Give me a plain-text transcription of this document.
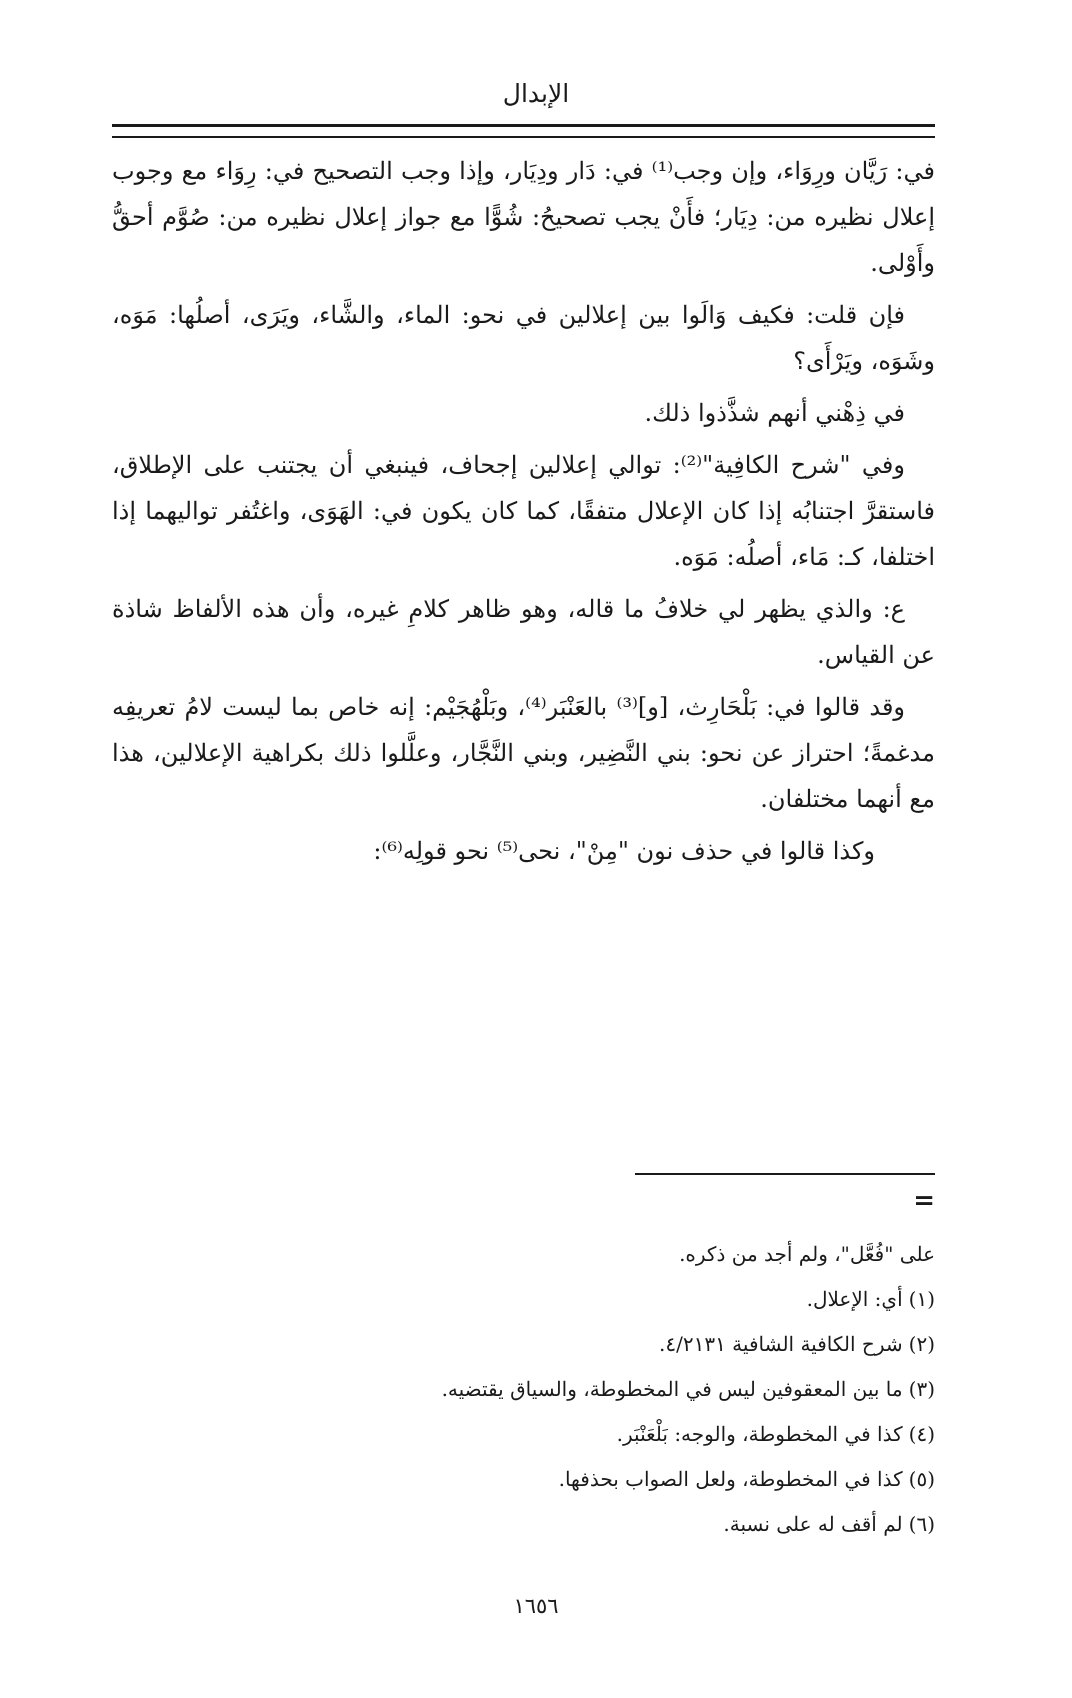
الإبدال

في: رَيَّان ورِوَاء، وإن وجب⁽¹⁾ في: دَار ودِيَار، وإذا وجب التصحيح في: رِوَاء مع وجوب إعلال نظيره من: دِيَار؛ فأَنْ يجب تصحيحُ: شُوًّا مع جواز إعلال نظيره من: صُوَّم أحقُّ وأَوْلى.

فإن قلت: فكيف وَالَوا بين إعلالين في نحو: الماء، والشَّاء، ويَرَى، أصلُها: مَوَه، وشَوَه، ويَرْأَى؟

في ذِهْني أنهم شذَّذوا ذلك.

وفي "شرح الكافِية"⁽²⁾: توالي إعلالين إجحاف، فينبغي أن يجتنب على الإطلاق، فاستقرَّ اجتنابُه إذا كان الإعلال متفقًا، كما كان يكون في: الهَوَى، واغتُفر تواليهما إذا اختلفا، كـ: مَاء، أصلُه: مَوَه.

ع: والذي يظهر لي خلافُ ما قاله، وهو ظاهر كلامِ غيره، وأن هذه الألفاظ شاذة عن القياس.

وقد قالوا في: بَلْحَارِث، [و]⁽³⁾ بالعَنْبَر⁽⁴⁾، وبَلْهُجَيْم: إنه خاص بما ليست لامُ تعريفِه مدغمةً؛ احتراز عن نحو: بني النَّضِير، وبني النَّجَّار، وعلَّلوا ذلك بكراهية الإعلالين، هذا مع أنهما مختلفان.

وكذا قالوا في حذف نون "مِنْ"، نحى⁽⁵⁾ نحو قولِه⁽⁶⁾:

=
على "فُعَّل"، ولم أجد من ذكره.
(١)أي: الإعلال.
(٢)شرح الكافية الشافية ٤/٢١٣١.
(٣)ما بين المعقوفين ليس في المخطوطة، والسياق يقتضيه.
(٤)كذا في المخطوطة، والوجه: بَلْعَنْبَر.
(٥)كذا في المخطوطة، ولعل الصواب بحذفها.
(٦)لم أقف له على نسبة.
١٦٥٦
